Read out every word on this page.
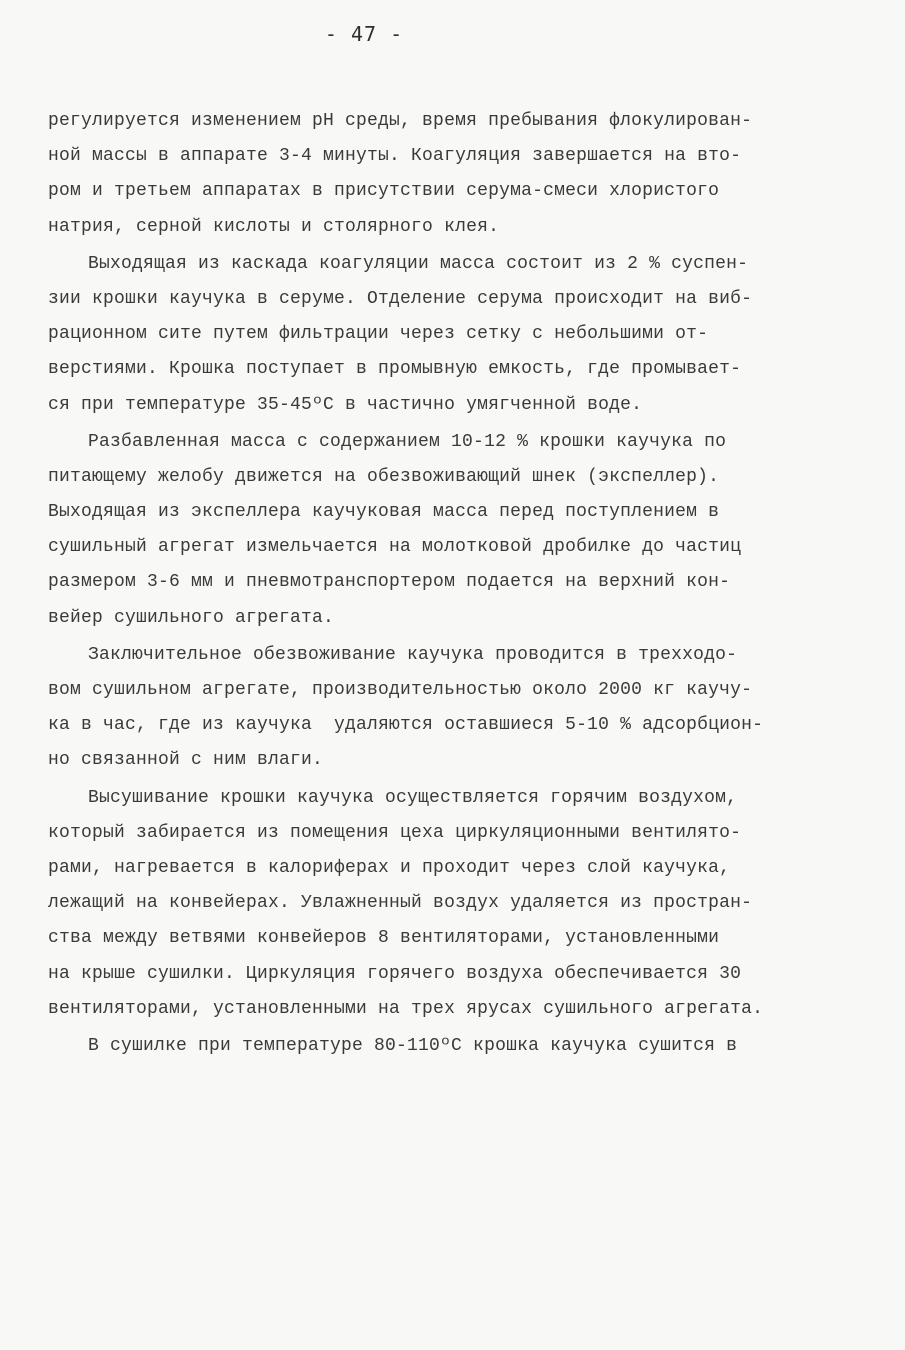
- 47 -
регулируется изменением рН среды, время пребывания флокулирован-
ной массы в аппарате 3-4 минуты. Коагуляция завершается на вто-
ром и третьем аппаратах в присутствии серума-смеси хлористого
натрия, серной кислоты и столярного клея.
Выходящая из каскада коагуляции масса состоит из 2 % суспен-
зии крошки каучука в серуме. Отделение серума происходит на виб-
рационном сите путем фильтрации через сетку с небольшими от-
верстиями. Крошка поступает в промывную емкость, где промывает-
ся при температуре 35-45ºС в частично умягченной воде.
Разбавленная масса с содержанием 10-12 % крошки каучука по
питающему желобу движется на обезвоживающий шнек (экспеллер).
Выходящая из экспеллера каучуковая масса перед поступлением в
сушильный агрегат измельчается на молотковой дробилке до частиц
размером 3-6 мм и пневмотранспортером подается на верхний кон-
вейер сушильного агрегата.
Заключительное обезвоживание каучука проводится в трехходо-
вом сушильном агрегате, производительностью около 2000 кг каучу-
ка в час, где из каучука  удаляются оставшиеся 5-10 % адсорбцион-
но связанной с ним влаги.
Высушивание крошки каучука осуществляется горячим воздухом,
который забирается из помещения цеха циркуляционными вентилято-
рами, нагревается в калориферах и проходит через слой каучука,
лежащий на конвейерах. Увлажненный воздух удаляется из простран-
ства между ветвями конвейеров 8 вентиляторами, установленными
на крыше сушилки. Циркуляция горячего воздуха обеспечивается 30
вентиляторами, установленными на трех ярусах сушильного агрегата.
В сушилке при температуре 80-110ºС крошка каучука сушится в
